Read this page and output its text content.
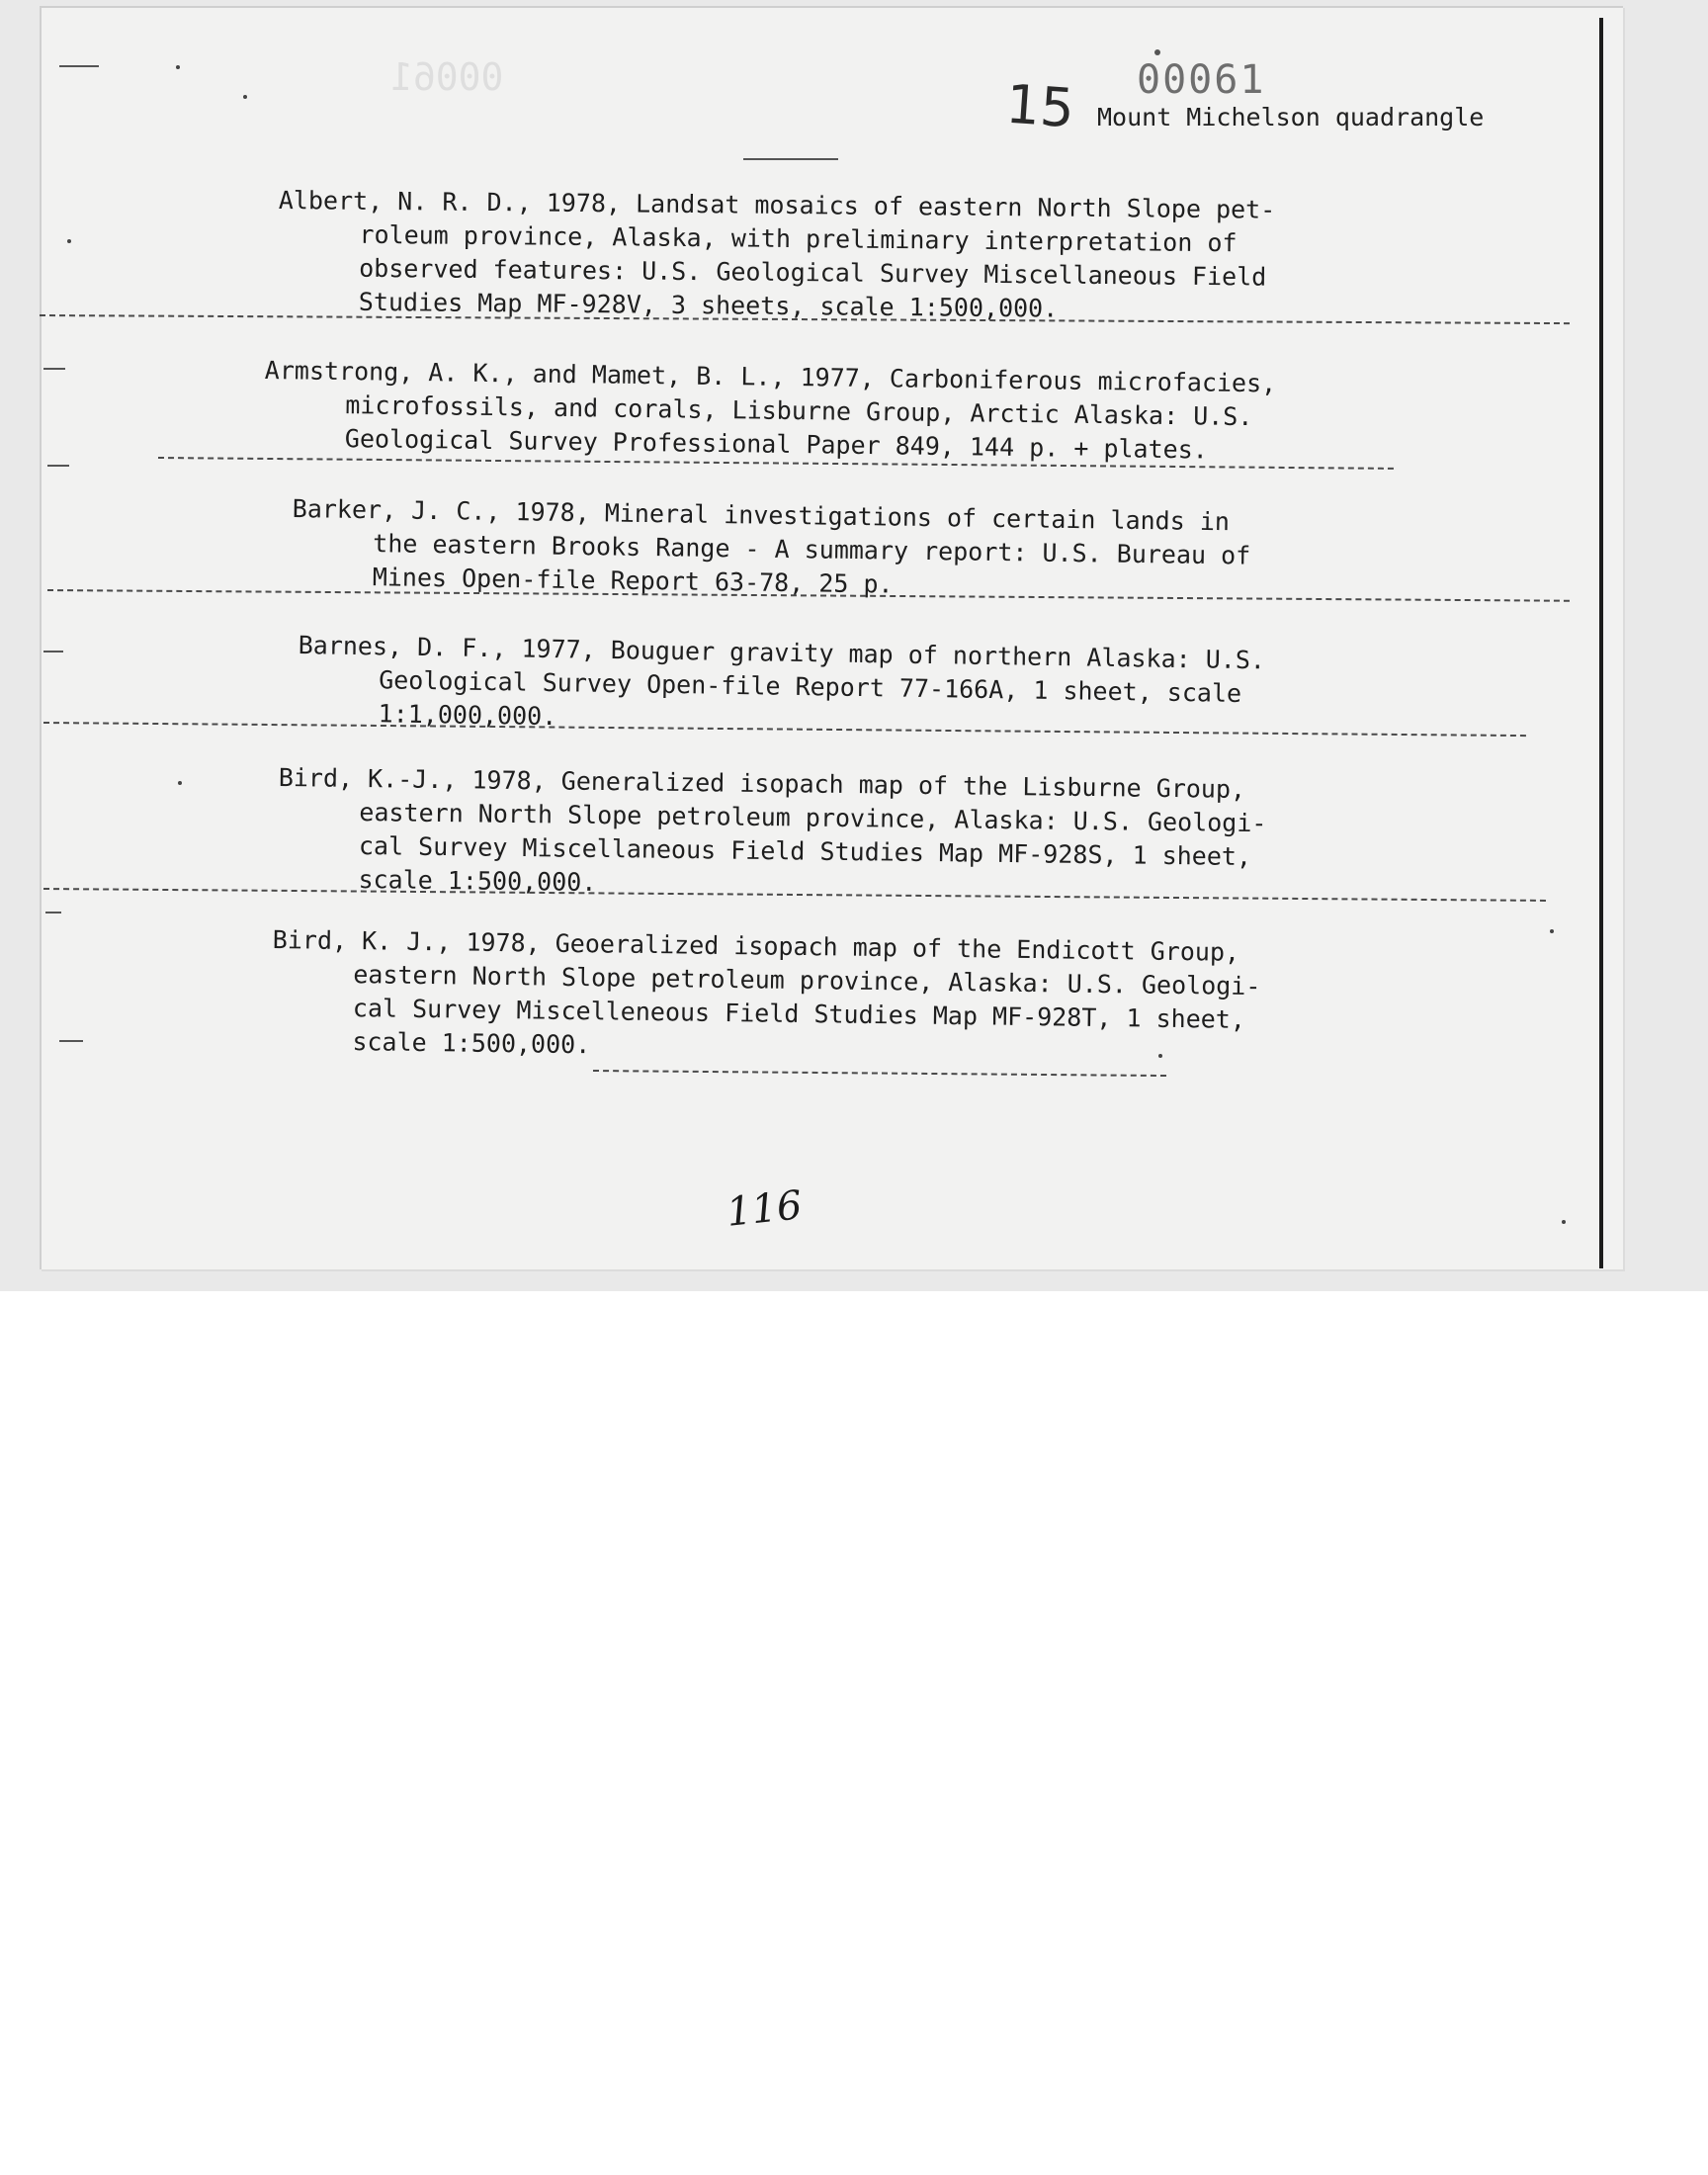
00061	00061
15 Mount Michelson quadrangle
Albert, N. R. D., 1978, Landsat mosaics of eastern North Slope pet-
roleum province, Alaska, with preliminary interpretation of
observed features: U.S. Geological Survey Miscellaneous Field
Studies Map MF-928V, 3 sheets, scale 1:500,000.
Armstrong, A. K., and Mamet, B. L., 1977, Carboniferous microfacies,
microfossils, and corals, Lisburne Group, Arctic Alaska: U.S.
Geological Survey Professional Paper 849, 144 p. + plates.
Barker, J. C., 1978, Mineral investigations of certain lands in
the eastern Brooks Range - A summary report: U.S. Bureau of
Mines Open-file Report 63-78, 25 p.
Barnes, D. F., 1977, Bouguer gravity map of northern Alaska: U.S.
Geological Survey Open-file Report 77-166A, 1 sheet, scale
1:1,000,000.
Bird, K.-J., 1978, Generalized isopach map of the Lisburne Group,
eastern North Slope petroleum province, Alaska: U.S. Geologi-
cal Survey Miscellaneous Field Studies Map MF-928S, 1 sheet,
scale 1:500,000.
Bird, K. J., 1978, Geoeralized isopach map of the Endicott Group,
eastern North Slope petroleum province, Alaska: U.S. Geologi-
cal Survey Miscelleneous Field Studies Map MF-928T, 1 sheet,
scale 1:500,000.
116
